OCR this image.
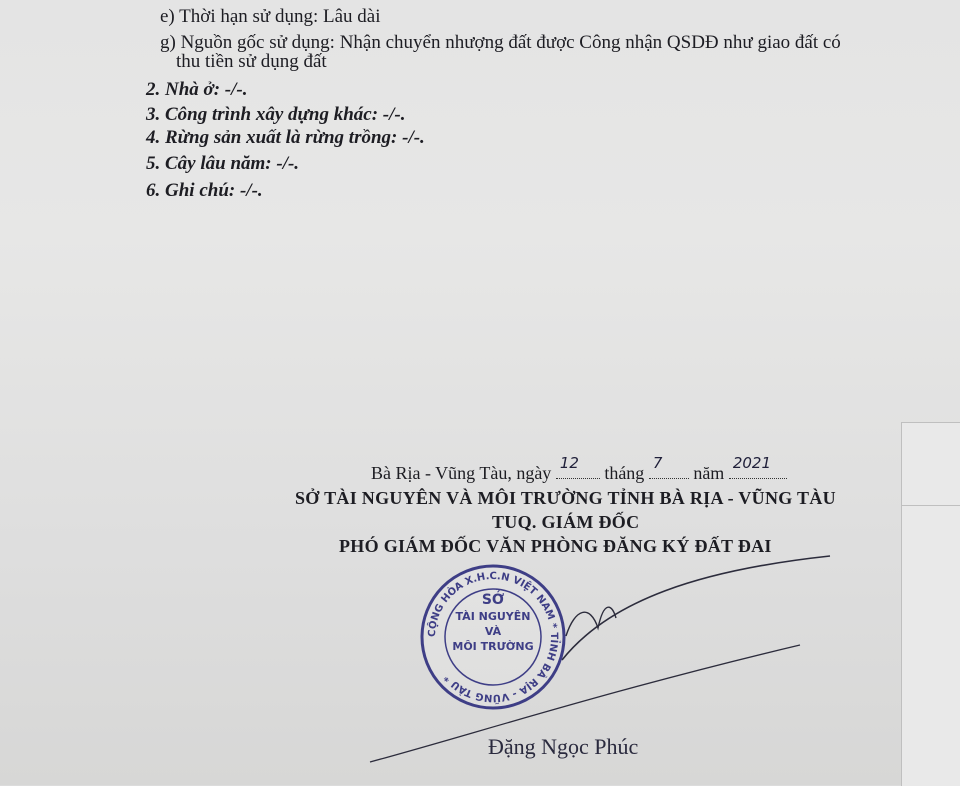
e) Thời hạn sử dụng: Lâu dài
g) Nguồn gốc sử dụng: Nhận chuyển nhượng đất được Công nhận QSDĐ như giao đất có
thu tiền sử dụng đất
2. Nhà ở: -/-.
3. Công trình xây dựng khác: -/-.
4. Rừng sản xuất là rừng trồng: -/-.
5. Cây lâu năm: -/-.
6. Ghi chú: -/-.
Bà Rịa - Vũng Tàu, ngày 12 tháng 7 năm 2021
SỞ TÀI NGUYÊN VÀ MÔI TRƯỜNG TỈNH BÀ RỊA - VŨNG TÀU
TUQ. GIÁM ĐỐC
PHÓ GIÁM ĐỐC VĂN PHÒNG ĐĂNG KÝ ĐẤT ĐAI
CỘNG HÒA X.H.C.N VIỆT NAM * TỈNH BÀ RỊA - VŨNG TÀU *
SỞ
TÀI NGUYÊN
VÀ
MÔI TRƯỜNG
Đặng Ngọc Phúc
